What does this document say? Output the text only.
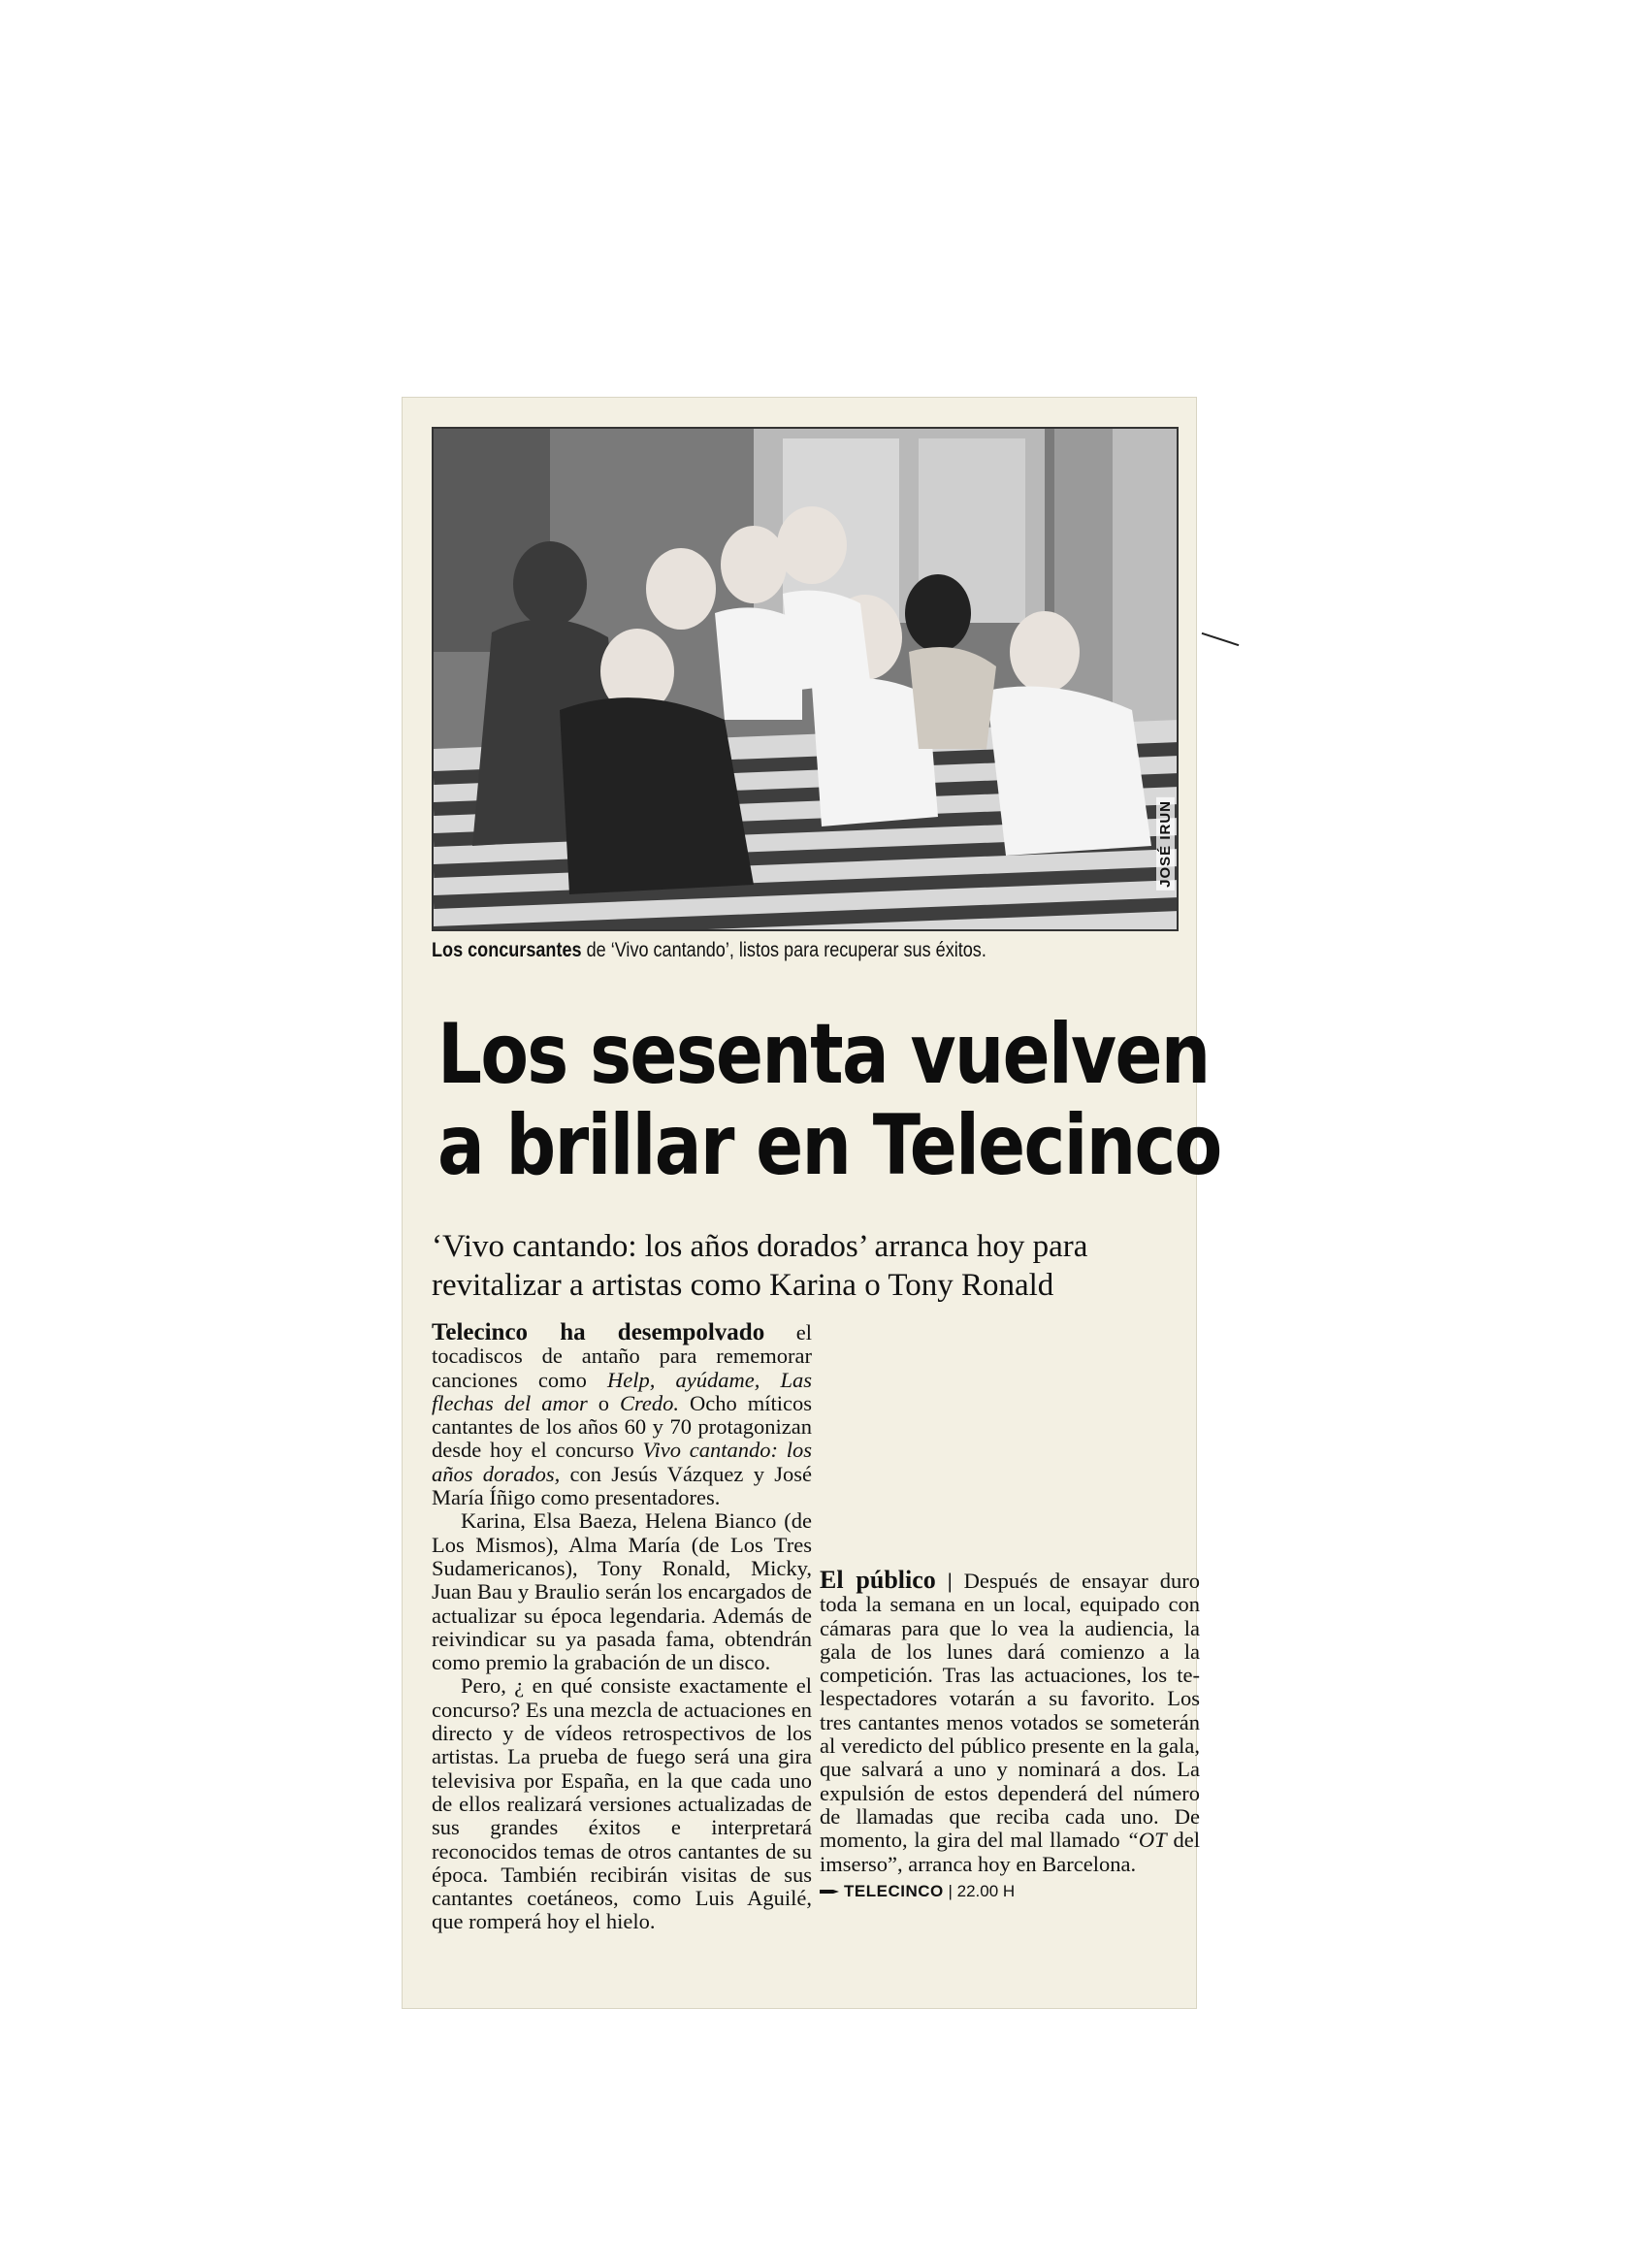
JOSÉ IRUN
Los concursantes de ‘Vivo cantando’, listos para recuperar sus éxitos.
Los sesenta vuelven
a brillar en Telecinco
‘Vivo cantando: los años dorados’ arranca hoy para
revitalizar a artistas como Karina o Tony Ronald

Telecinco ha desempolvado el tocadiscos de antaño para rememorar canciones como Help, ayúdame, Las flechas del amor o Credo. Ocho míticos cantantes de los años 60 y 70 protagonizan desde hoy el concurso Vivo cantando: los años dorados, con Jesús Vázquez y José María Íñigo como presentadores.

Karina, Elsa Baeza, Helena Bianco (de Los Mismos), Alma María (de Los Tres Sudamericanos), Tony Ronald, Micky, Juan Bau y Braulio serán los encargados de actualizar su época legendaria. Además de reivindicar su ya pasada fama, obtendrán como premio la grabación de un disco.

Pero, ¿ en qué consiste exactamente el concurso? Es una mezcla de actuaciones en directo y de vídeos retrospectivos de los artistas. La prueba de fuego será una gira televisiva por España, en la que cada uno de ellos realizará versiones actualizadas de sus grandes éxitos e interpretará reconocidos temas de otros cantantes de su época. También recibirán visitas de sus cantantes coetáneos, como Luis Aguilé, que romperá hoy el hielo.

El público | Después de ensayar duro toda la semana en un local, equipado con cámaras para que lo vea la audiencia, la gala de los lunes dará comienzo a la competición. Tras las actuaciones, los telespectadores votarán a su favorito. Los tres cantantes menos votados se someterán al veredicto del público presente en la gala, que salvará a uno y nominará a dos. La expulsión de estos dependerá del número de llamadas que reciba cada uno. De momento, la gira del mal llamado “OT del imserso”, arranca hoy en Barcelona.

TELECINCO | 22.00 H
